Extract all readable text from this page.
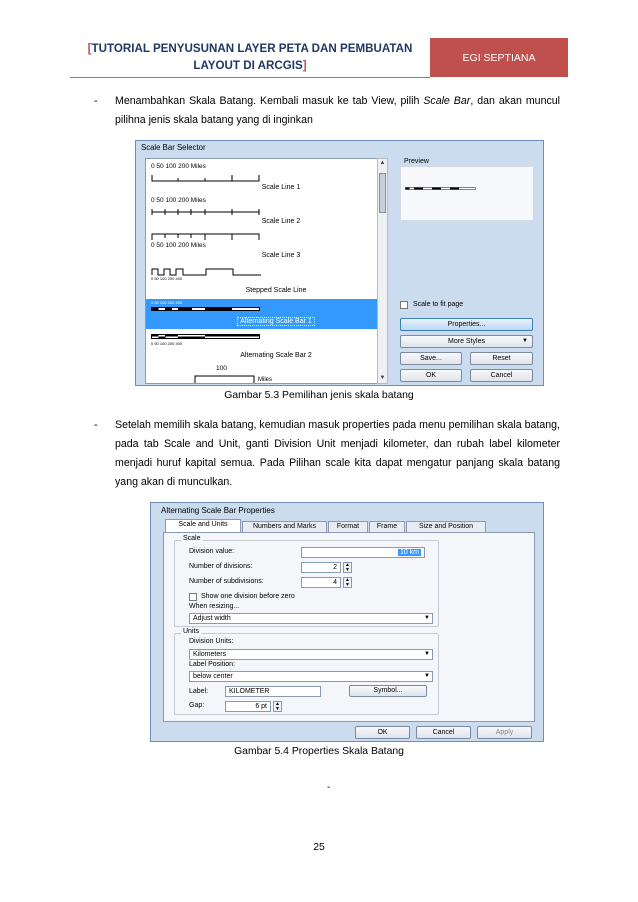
[TUTORIAL PENYUSUNAN LAYER PETA DAN PEMBUATAN
LAYOUT DI ARCGIS]
EGI SEPTIANA
- Menambahkan Skala Batang. Kembali masuk ke tab View, pilih Scale Bar, dan akan muncul pilihna jenis skala batang yang di inginkan
Scale Bar Selector
0 50 100 200 Miles
Scale Line 1
0 50 100 200 Miles
Scale Line 2
0 50 100 200 Miles
Scale Line 3
0 50 100 200 400
Stepped Scale Line
0 50 100 200 400
Alternating Scale Bar 1
0 50 100 200 400
Alternating Scale Bar 2
100
Miles
▲
▼
Preview
Scale to fit page
Properties...
More Styles	▼
Save...	Reset
OK	Cancel
Gambar 5.3 Pemilihan jenis skala batang
- Setelah memilih skala batang, kemudian masuk properties pada menu pemilihan skala batang, pada tab Scale and Unit, ganti Division Unit menjadi kilometer, dan rubah label kilometer menjadi huruf kapital semua. Pada Pilihan scale kita dapat mengatur panjang skala batang yang akan di munculkan.
Alternating Scale Bar Properties
Scale and Units	Numbers and Marks	Format	Frame	Size and Position
Scale
Division value:	10 km
Number of divisions:	2	▲
▼
Number of subdivisions:	4	▲
▼
Show one division before zero
When resizing...
Adjust width	▼
Units
Division Units:
Kilometers	▼
Label Position:
below center	▼
Label:	KILOMETER	Symbol...
Gap:	6 pt	▲
▼
OK	Cancel	Apply
Gambar 5.4 Properties Skala Batang
-
25
